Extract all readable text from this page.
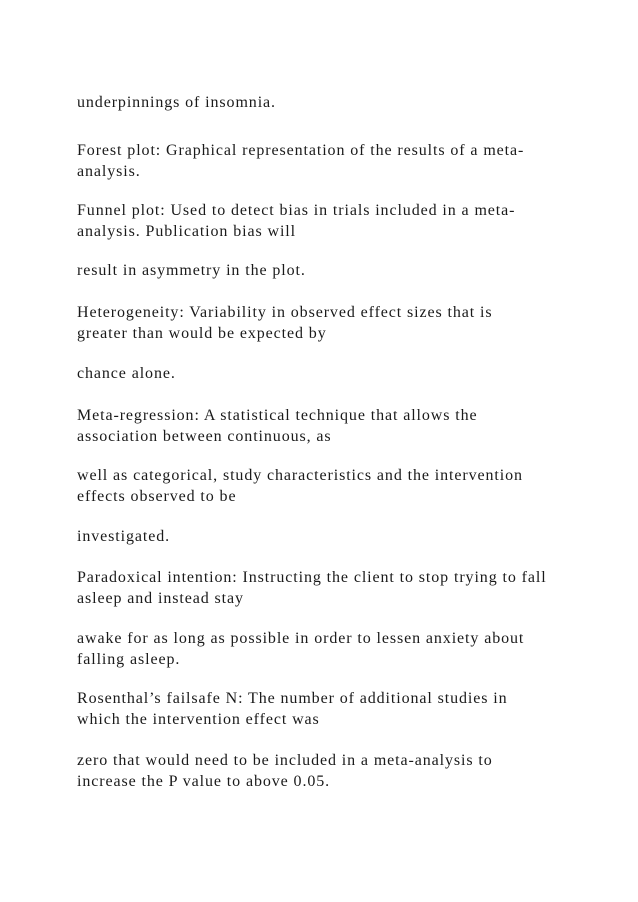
underpinnings of insomnia.

Forest plot: Graphical representation of the results of a meta-
analysis.

Funnel plot: Used to detect bias in trials included in a meta-
analysis. Publication bias will

result in asymmetry in the plot.

Heterogeneity: Variability in observed effect sizes that is
greater than would be expected by

chance alone.

Meta-regression: A statistical technique that allows the
association between continuous, as

well as categorical, study characteristics and the intervention
effects observed to be

investigated.

Paradoxical intention: Instructing the client to stop trying to fall
asleep and instead stay

awake for as long as possible in order to lessen anxiety about
falling asleep.

Rosenthal’s failsafe N: The number of additional studies in
which the intervention effect was

zero that would need to be included in a meta-analysis to
increase the P value to above 0.05.
